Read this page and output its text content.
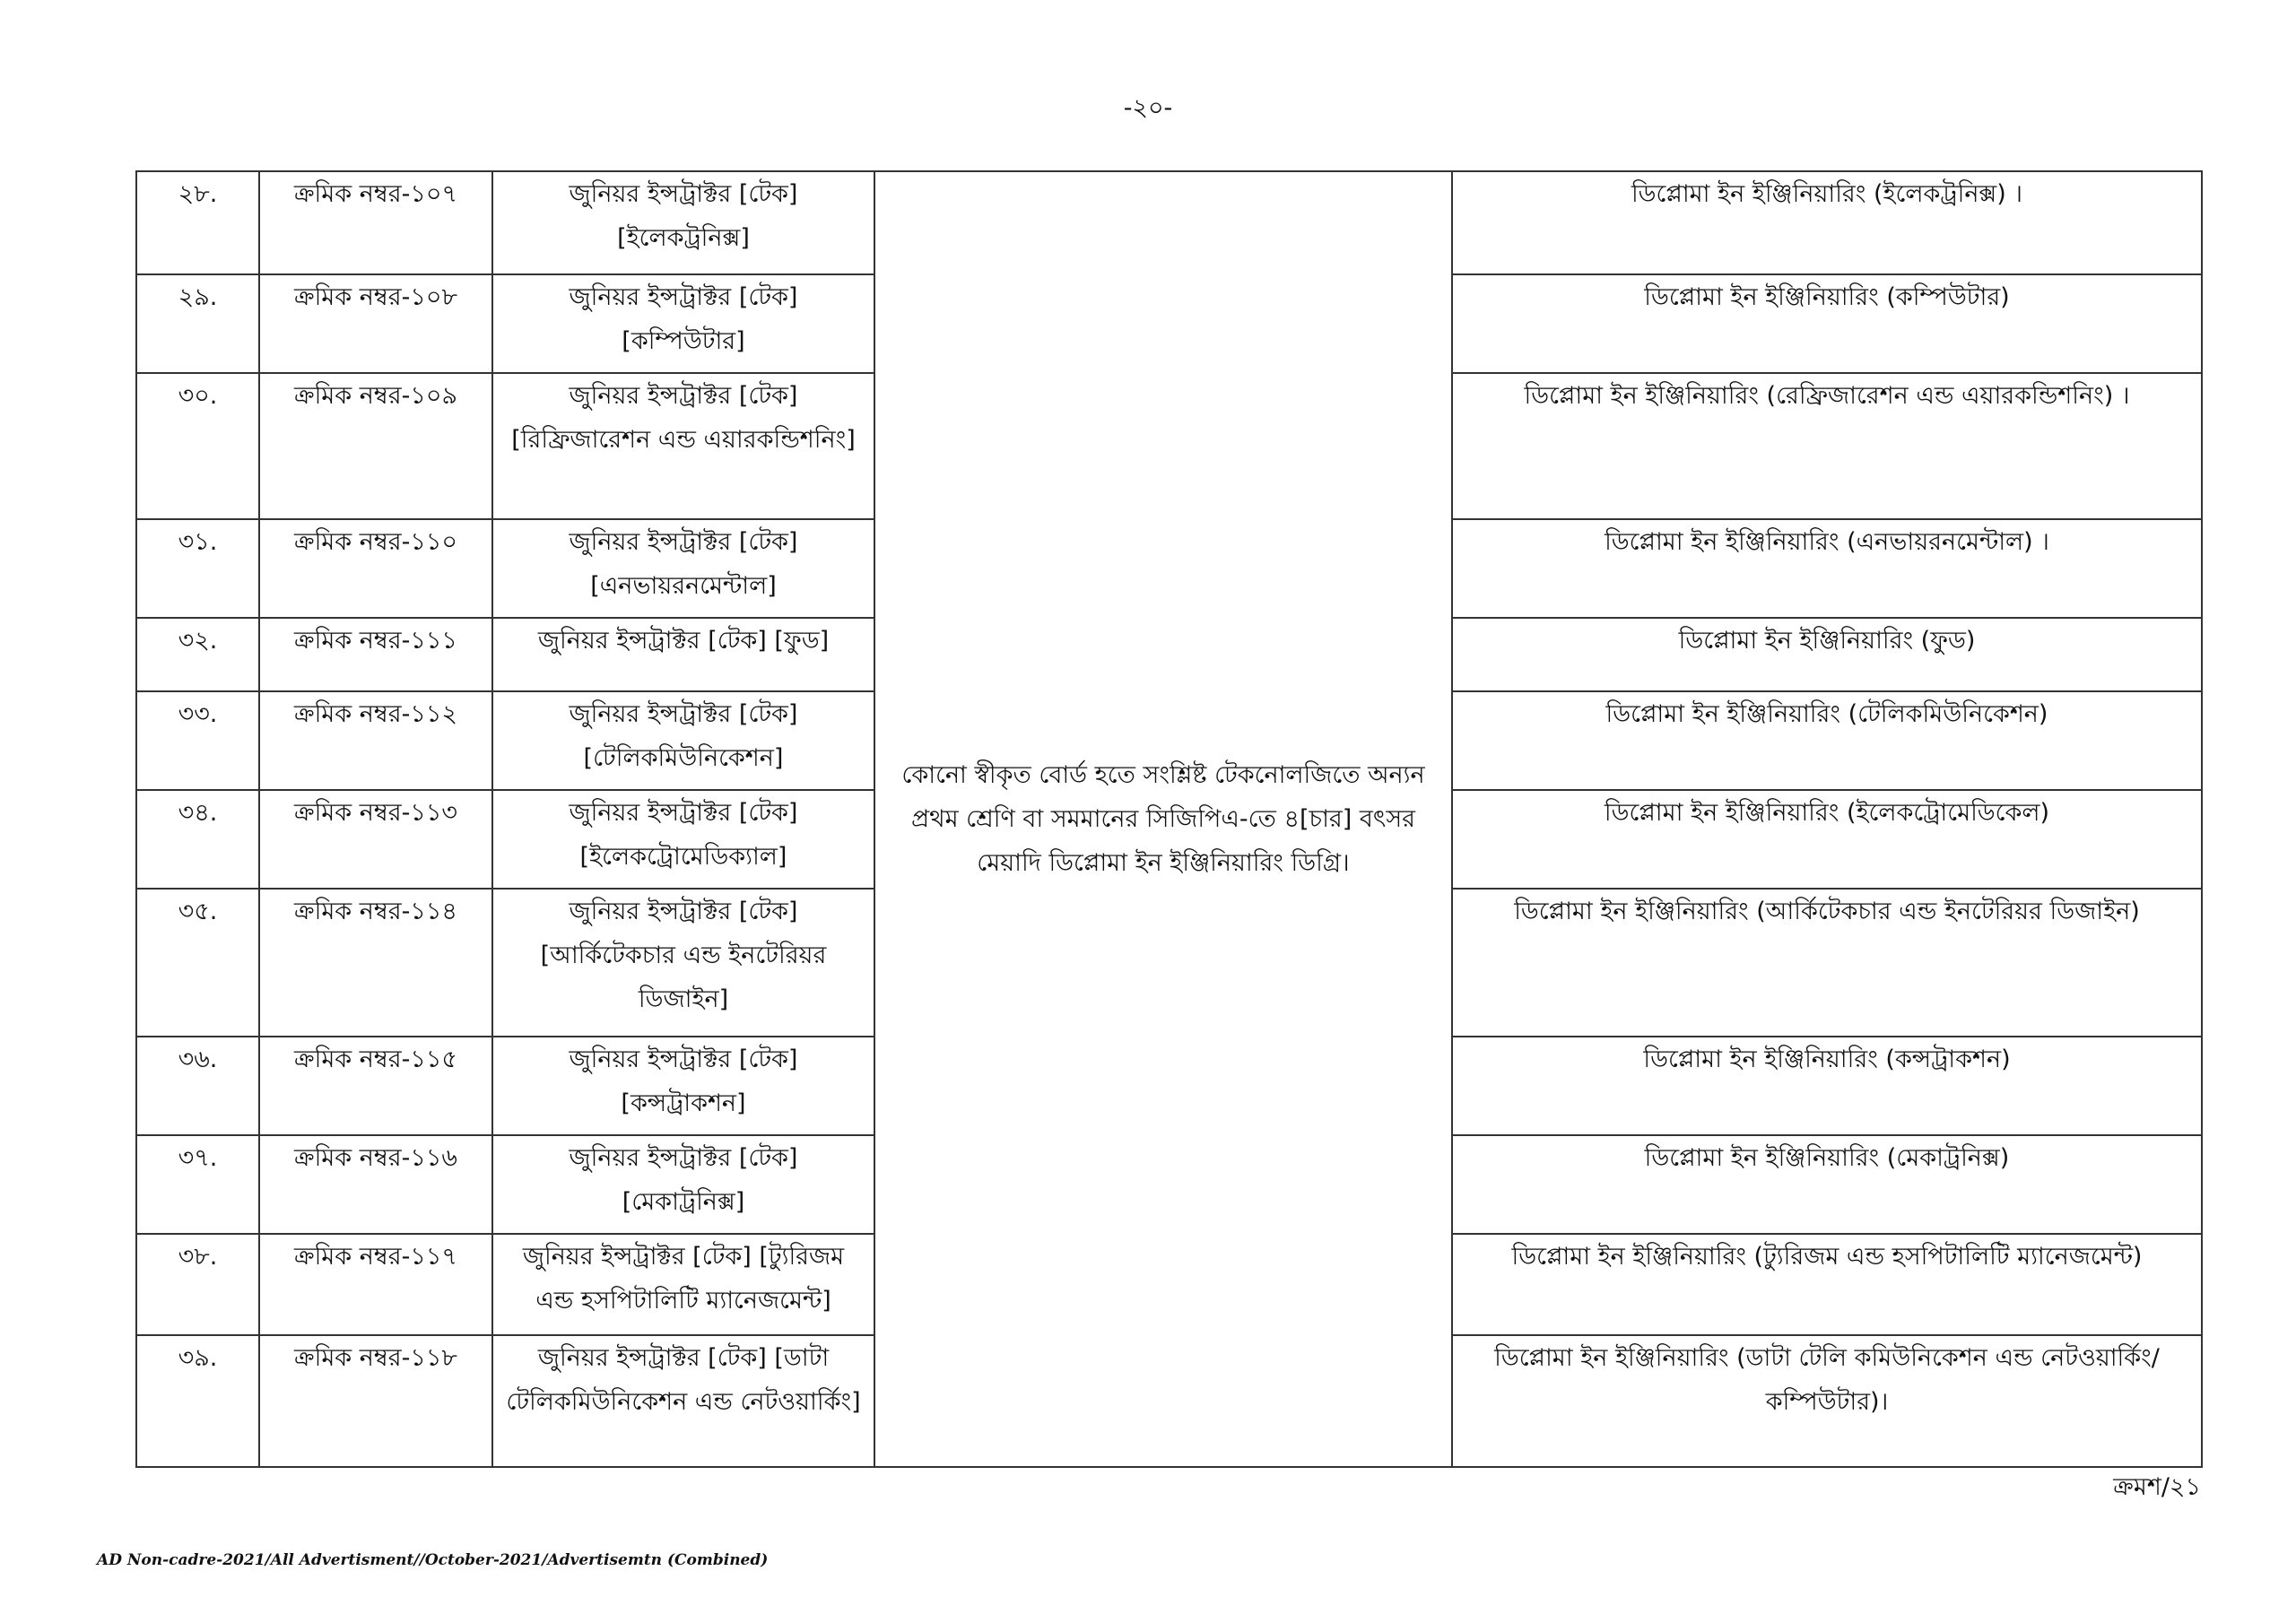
-২০-
২৮.	ক্রমিক নম্বর-১০৭	জুনিয়র ইন্সট্রাক্টর [টেক] [ইলেকট্রনিক্স]	কোনো স্বীকৃত বোর্ড হতে সংশ্লিষ্ট টেকনোলজিতে অন্যন প্রথম শ্রেণি বা সমমানের সিজিপিএ-তে ৪[চার] বৎসর মেয়াদি ডিপ্লোমা ইন ইঞ্জিনিয়ারিং ডিগ্রি।	ডিপ্লোমা ইন ইঞ্জিনিয়ারিং (ইলেকট্রনিক্স) ।
২৯.	ক্রমিক নম্বর-১০৮	জুনিয়র ইন্সট্রাক্টর [টেক] [কম্পিউটার]		ডিপ্লোমা ইন ইঞ্জিনিয়ারিং (কম্পিউটার)
৩০.	ক্রমিক নম্বর-১০৯	জুনিয়র ইন্সট্রাক্টর [টেক] [রিফ্রিজারেশন এন্ড এয়ারকন্ডিশনিং]		ডিপ্লোমা ইন ইঞ্জিনিয়ারিং (রেফ্রিজারেশন এন্ড এয়ারকন্ডিশনিং) ।
৩১.	ক্রমিক নম্বর-১১০	জুনিয়র ইন্সট্রাক্টর [টেক] [এনভায়রনমেন্টাল]		ডিপ্লোমা ইন ইঞ্জিনিয়ারিং (এনভায়রনমেন্টাল) ।
৩২.	ক্রমিক নম্বর-১১১	জুনিয়র ইন্সট্রাক্টর [টেক] [ফুড]		ডিপ্লোমা ইন ইঞ্জিনিয়ারিং (ফুড)
৩৩.	ক্রমিক নম্বর-১১২	জুনিয়র ইন্সট্রাক্টর [টেক] [টেলিকমিউনিকেশন]		ডিপ্লোমা ইন ইঞ্জিনিয়ারিং (টেলিকমিউনিকেশন)
৩৪.	ক্রমিক নম্বর-১১৩	জুনিয়র ইন্সট্রাক্টর [টেক] [ইলেকট্রোমেডিক্যাল]		ডিপ্লোমা ইন ইঞ্জিনিয়ারিং (ইলেকট্রোমেডিকেল)
৩৫.	ক্রমিক নম্বর-১১৪	জুনিয়র ইন্সট্রাক্টর [টেক] [আর্কিটেকচার এন্ড ইনটেরিয়র ডিজাইন]		ডিপ্লোমা ইন ইঞ্জিনিয়ারিং (আর্কিটেকচার এন্ড ইনটেরিয়র ডিজাইন)
৩৬.	ক্রমিক নম্বর-১১৫	জুনিয়র ইন্সট্রাক্টর [টেক] [কন্সট্রাকশন]		ডিপ্লোমা ইন ইঞ্জিনিয়ারিং (কন্সট্রাকশন)
৩৭.	ক্রমিক নম্বর-১১৬	জুনিয়র ইন্সট্রাক্টর [টেক] [মেকাট্রনিক্স]		ডিপ্লোমা ইন ইঞ্জিনিয়ারিং (মেকাট্রনিক্স)
৩৮.	ক্রমিক নম্বর-১১৭	জুনিয়র ইন্সট্রাক্টর [টেক] [ট্যুরিজম এন্ড হসপিটালিটি ম্যানেজমেন্ট]		ডিপ্লোমা ইন ইঞ্জিনিয়ারিং (ট্যুরিজম এন্ড হসপিটালিটি ম্যানেজমেন্ট)
৩৯.	ক্রমিক নম্বর-১১৮	জুনিয়র ইন্সট্রাক্টর [টেক] [ডাটা টেলিকমিউনিকেশন এন্ড নেটওয়ার্কিং]		ডিপ্লোমা ইন ইঞ্জিনিয়ারিং (ডাটা টেলি কমিউনিকেশন এন্ড নেটওয়ার্কিং/ কম্পিউটার)।
ক্রমশ/২১
AD Non-cadre-2021/All Advertisment//October-2021/Advertisemtn (Combined)
